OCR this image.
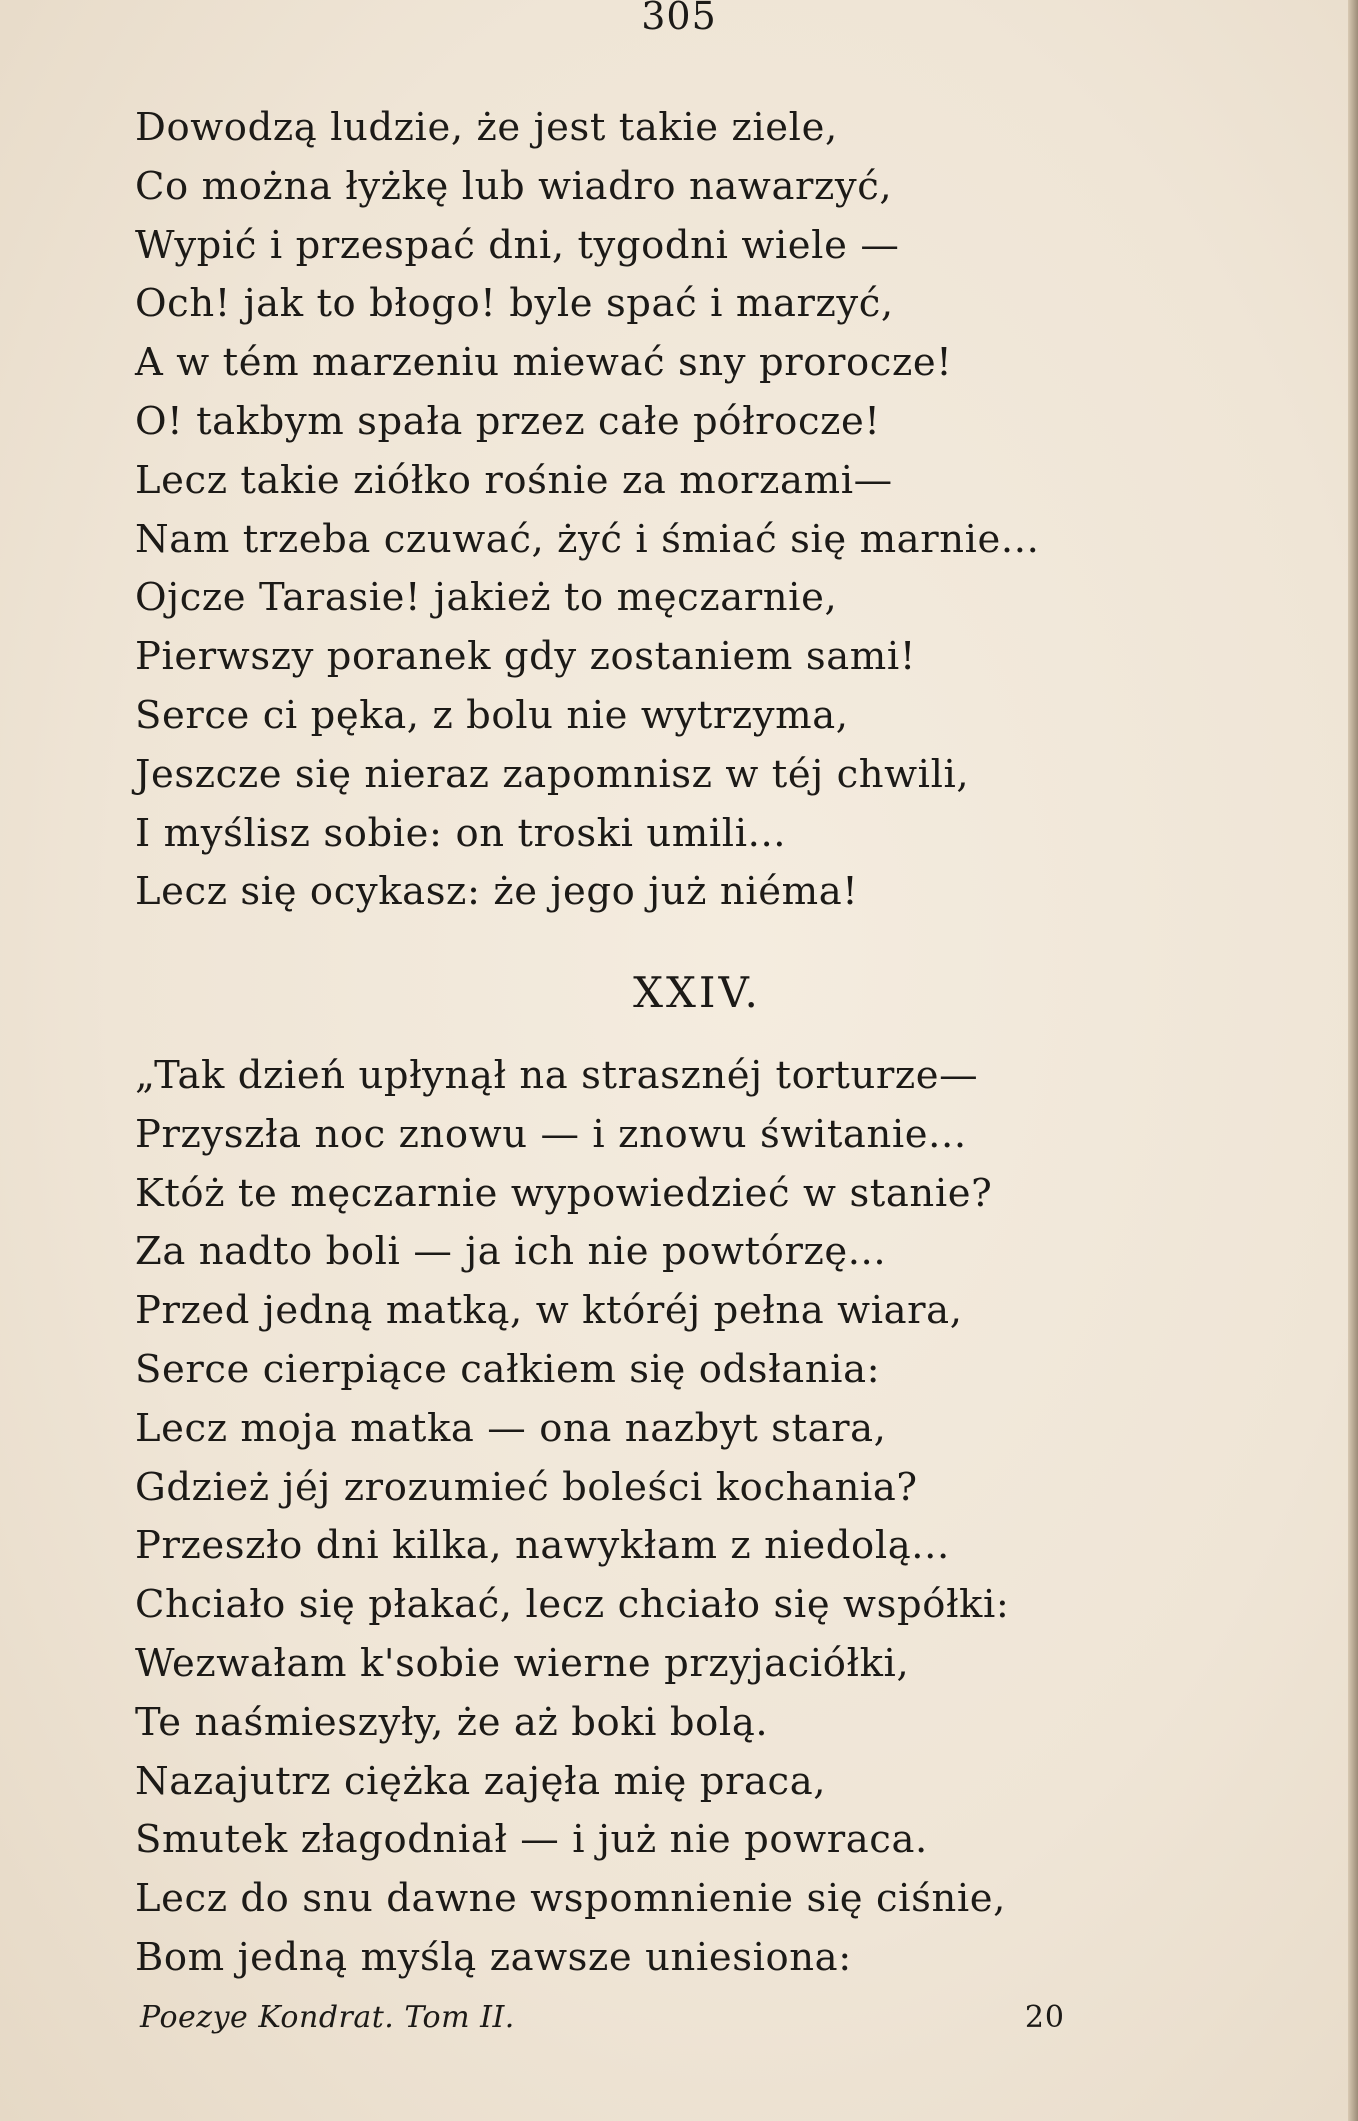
305
Dowodzą ludzie, że jest takie ziele,
Co można łyżkę lub wiadro nawarzyć,
Wypić i przespać dni, tygodni wiele —
Och! jak to błogo! byle spać i marzyć,
A w tém marzeniu miewać sny prorocze!
O! takbym spała przez całe półrocze!
Lecz takie ziółko rośnie za morzami—
Nam trzeba czuwać, żyć i śmiać się marnie...
Ojcze Tarasie! jakież to męczarnie,
Pierwszy poranek gdy zostaniem sami!
Serce ci pęka, z bolu nie wytrzyma,
Jeszcze się nieraz zapomnisz w téj chwili,
I myślisz sobie: on troski umili...
Lecz się ocykasz: że jego już niéma!
XXIV.
„Tak dzień upłynął na strasznéj torturze—
Przyszła noc znowu — i znowu świtanie...
Któż te męczarnie wypowiedzieć w stanie?
Za nadto boli — ja ich nie powtórzę...
Przed jedną matką, w któréj pełna wiara,
Serce cierpiące całkiem się odsłania:
Lecz moja matka — ona nazbyt stara,
Gdzież jéj zrozumieć boleści kochania?
Przeszło dni kilka, nawykłam z niedolą...
Chciało się płakać, lecz chciało się współki:
Wezwałam k'sobie wierne przyjaciółki,
Te naśmieszyły, że aż boki bolą.
Nazajutrz ciężka zajęła mię praca,
Smutek złagodniał — i już nie powraca.
Lecz do snu dawne wspomnienie się ciśnie,
Bom jedną myślą zawsze uniesiona:
Poezye Kondrat. Tom II.	20
